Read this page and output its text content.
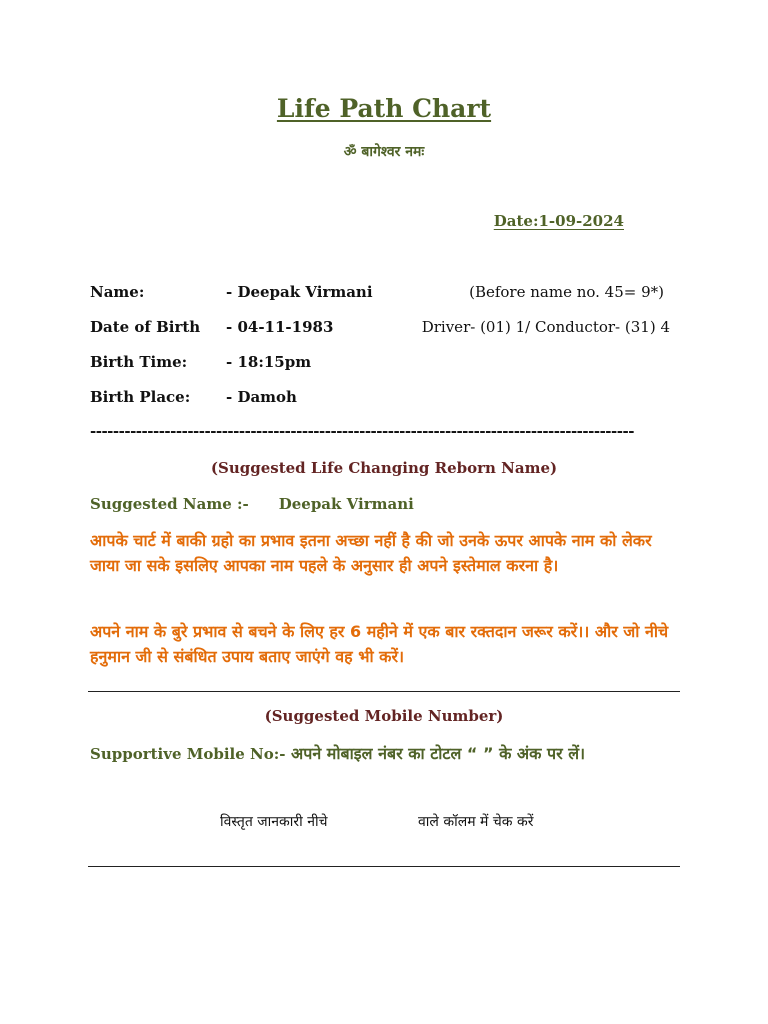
Life Path Chart
ॐ बागेश्वर नमः
Date:1-09-2024
Name:	- Deepak Virmani	(Before name no. 45= 9*)
Date of Birth - 04-11-1983	Driver- (01) 1/ Conductor- (31) 4
Birth Time:	- 18:15pm
Birth Place: - Damoh
-----------------------------------------------------------------------------------------------
(Suggested Life Changing Reborn Name)
Suggested Name :- Deepak Virmani
आपके चार्ट में बाकी ग्रहो का प्रभाव इतना अच्छा नहीं है की जो उनके ऊपर आपके नाम को लेकर जाया जा सके इसलिए आपका नाम पहले के अनुसार ही अपने इस्तेमाल करना है।
अपने नाम के बुरे प्रभाव से बचने के लिए हर 6 महीने में एक बार रक्तदान जरूर करें।। और जो नीचे हनुमान जी से संबंधित उपाय बताए जाएंगे वह भी करें।
(Suggested Mobile Number)
Supportive Mobile No:- अपने मोबाइल नंबर का टोटल “ ” के अंक पर लें।
विस्तृत जानकारी नीचे	वाले कॉलम में चेक करें
